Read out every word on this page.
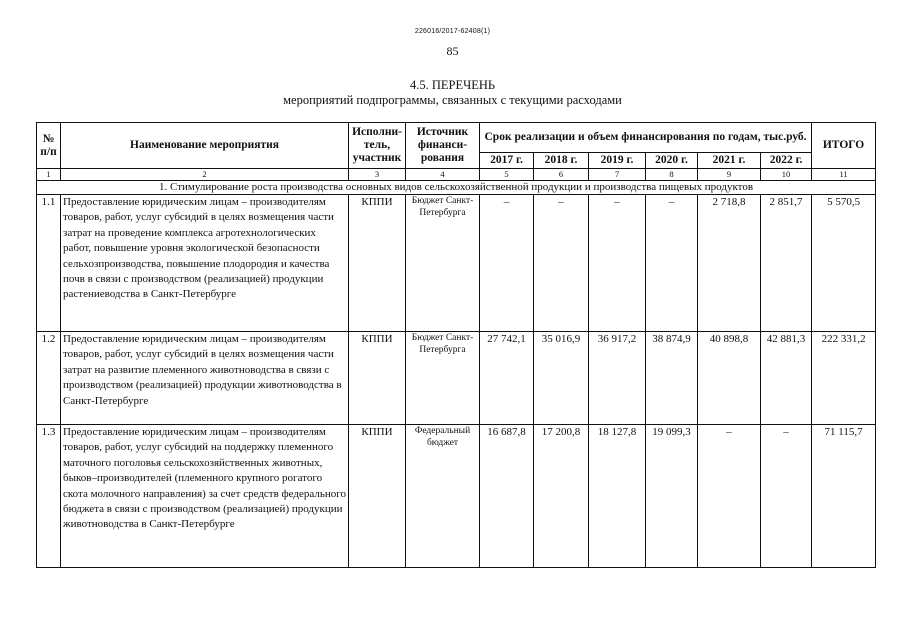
226016/2017-62408(1)
85
4.5. ПЕРЕЧЕНЬ
мероприятий подпрограммы, связанных с текущими расходами
№ п/п	Наименование мероприятия	Исполни-тель, участник	Источник финанси-рования	Срок реализации и объем финансирования по годам, тыс.руб.						ИТОГО
				2017 г.	2018 г.	2019 г.	2020 г.	2021 г.	2022 г.	
1	2	3	4	5	6	7	8	9	10	11
1. Стимулирование роста производства основных видов сельскохозяйственной продукции и производства пищевых продуктов										
1.1	Предоставление юридическим лицам – производителям товаров, работ, услуг субсидий в целях возмещения части затрат на проведение комплекса агротехнологических работ, повышение уровня экологической безопасности сельхозпроизводства, повышение плодородия и качества почв в связи с производством (реализацией) продукции растениеводства в Санкт-Петербурге	КППИ	Бюджет Санкт-Петербурга	–	–	–	–	2 718,8	2 851,7	5 570,5
1.2	Предоставление юридическим лицам – производителям товаров, работ, услуг субсидий в целях возмещения части затрат на развитие племенного животноводства в связи с производством (реализацией) продукции животноводства в Санкт-Петербурге	КППИ	Бюджет Санкт-Петербурга	27 742,1	35 016,9	36 917,2	38 874,9	40 898,8	42 881,3	222 331,2
1.3	Предоставление юридическим лицам – производителям товаров, работ, услуг субсидий на поддержку племенного маточного поголовья сельскохозяйственных животных, быков–производителей (племенного крупного рогатого скота молочного направления) за счет средств федерального бюджета в связи с производством (реализацией) продукции животноводства в Санкт-Петербурге	КППИ	Федеральный бюджет	16 687,8	17 200,8	18 127,8	19 099,3	–	–	71 115,7
